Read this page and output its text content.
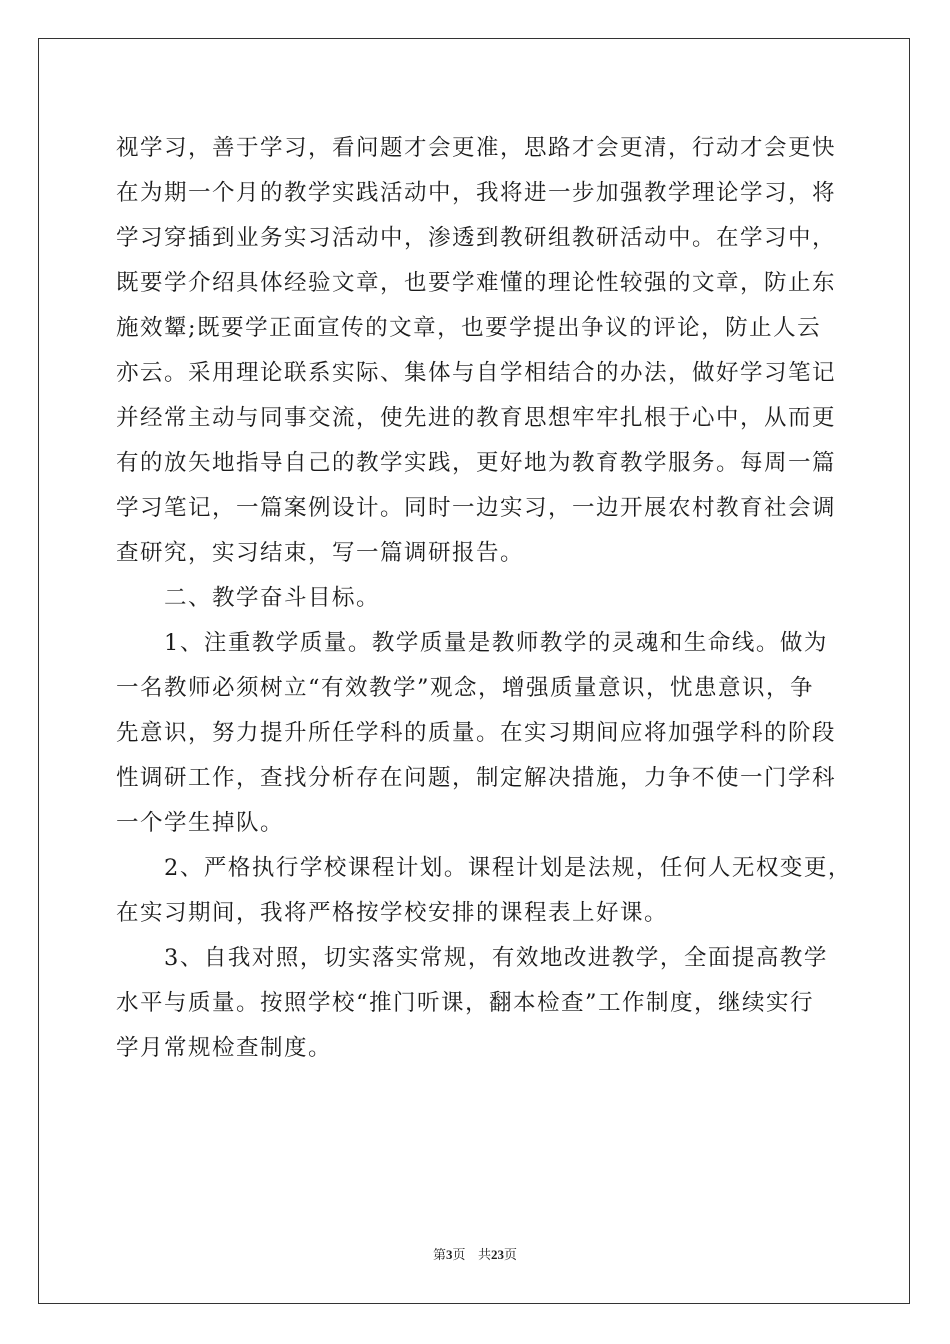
视学习，善于学习，看问题才会更准，思路才会更清，行动才会更快
在为期一个月的教学实践活动中，我将进一步加强教学理论学习，将
学习穿插到业务实习活动中，渗透到教研组教研活动中。在学习中，
既要学介绍具体经验文章，也要学难懂的理论性较强的文章，防止东
施效颦;既要学正面宣传的文章，也要学提出争议的评论，防止人云
亦云。采用理论联系实际、集体与自学相结合的办法，做好学习笔记
并经常主动与同事交流，使先进的教育思想牢牢扎根于心中，从而更
有的放矢地指导自己的教学实践，更好地为教育教学服务。每周一篇
学习笔记，一篇案例设计。同时一边实习，一边开展农村教育社会调
查研究，实习结束，写一篇调研报告。
　　二、教学奋斗目标。
　　1、注重教学质量。教学质量是教师教学的灵魂和生命线。做为
一名教师必须树立“有效教学”观念，增强质量意识，忧患意识，争
先意识，努力提升所任学科的质量。在实习期间应将加强学科的阶段
性调研工作，查找分析存在问题，制定解决措施，力争不使一门学科
一个学生掉队。
　　2、严格执行学校课程计划。课程计划是法规，任何人无权变更，
在实习期间，我将严格按学校安排的课程表上好课。
　　3、自我对照，切实落实常规，有效地改进教学，全面提高教学
水平与质量。按照学校“推门听课，翻本检查”工作制度，继续实行
学月常规检查制度。
第3页 共23页
